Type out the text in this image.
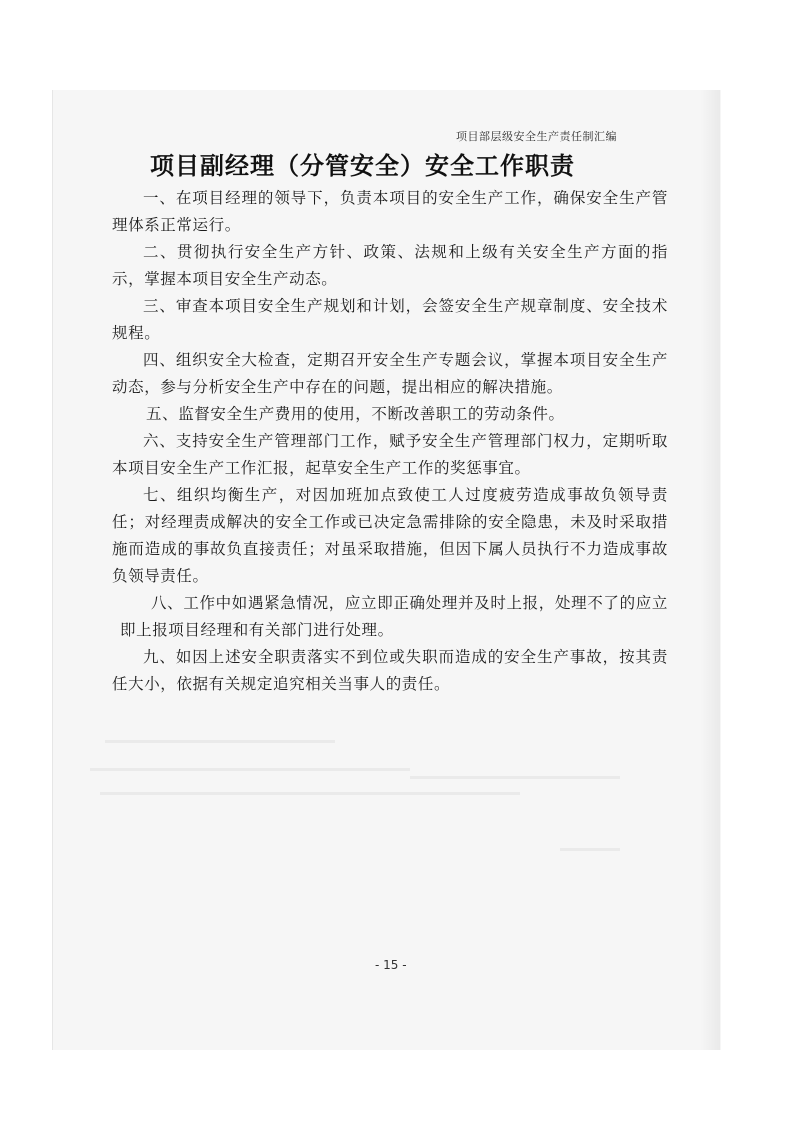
项目部层级安全生产责任制汇编
项目副经理（分管安全）安全工作职责

一、在项目经理的领导下，负责本项目的安全生产工作，确保安全生产管理体系正常运行。

二、贯彻执行安全生产方针、政策、法规和上级有关安全生产方面的指示，掌握本项目安全生产动态。

三、审查本项目安全生产规划和计划，会签安全生产规章制度、安全技术规程。

四、组织安全大检查，定期召开安全生产专题会议，掌握本项目安全生产动态，参与分析安全生产中存在的问题，提出相应的解决措施。

五、监督安全生产费用的使用，不断改善职工的劳动条件。

六、支持安全生产管理部门工作，赋予安全生产管理部门权力，定期听取本项目安全生产工作汇报，起草安全生产工作的奖惩事宜。

七、组织均衡生产，对因加班加点致使工人过度疲劳造成事故负领导责任；对经理责成解决的安全工作或已决定急需排除的安全隐患，未及时采取措施而造成的事故负直接责任；对虽采取措施，但因下属人员执行不力造成事故负领导责任。

八、工作中如遇紧急情况，应立即正确处理并及时上报，处理不了的应立即上报项目经理和有关部门进行处理。

九、如因上述安全职责落实不到位或失职而造成的安全生产事故，按其责任大小，依据有关规定追究相关当事人的责任。

- 15 -
